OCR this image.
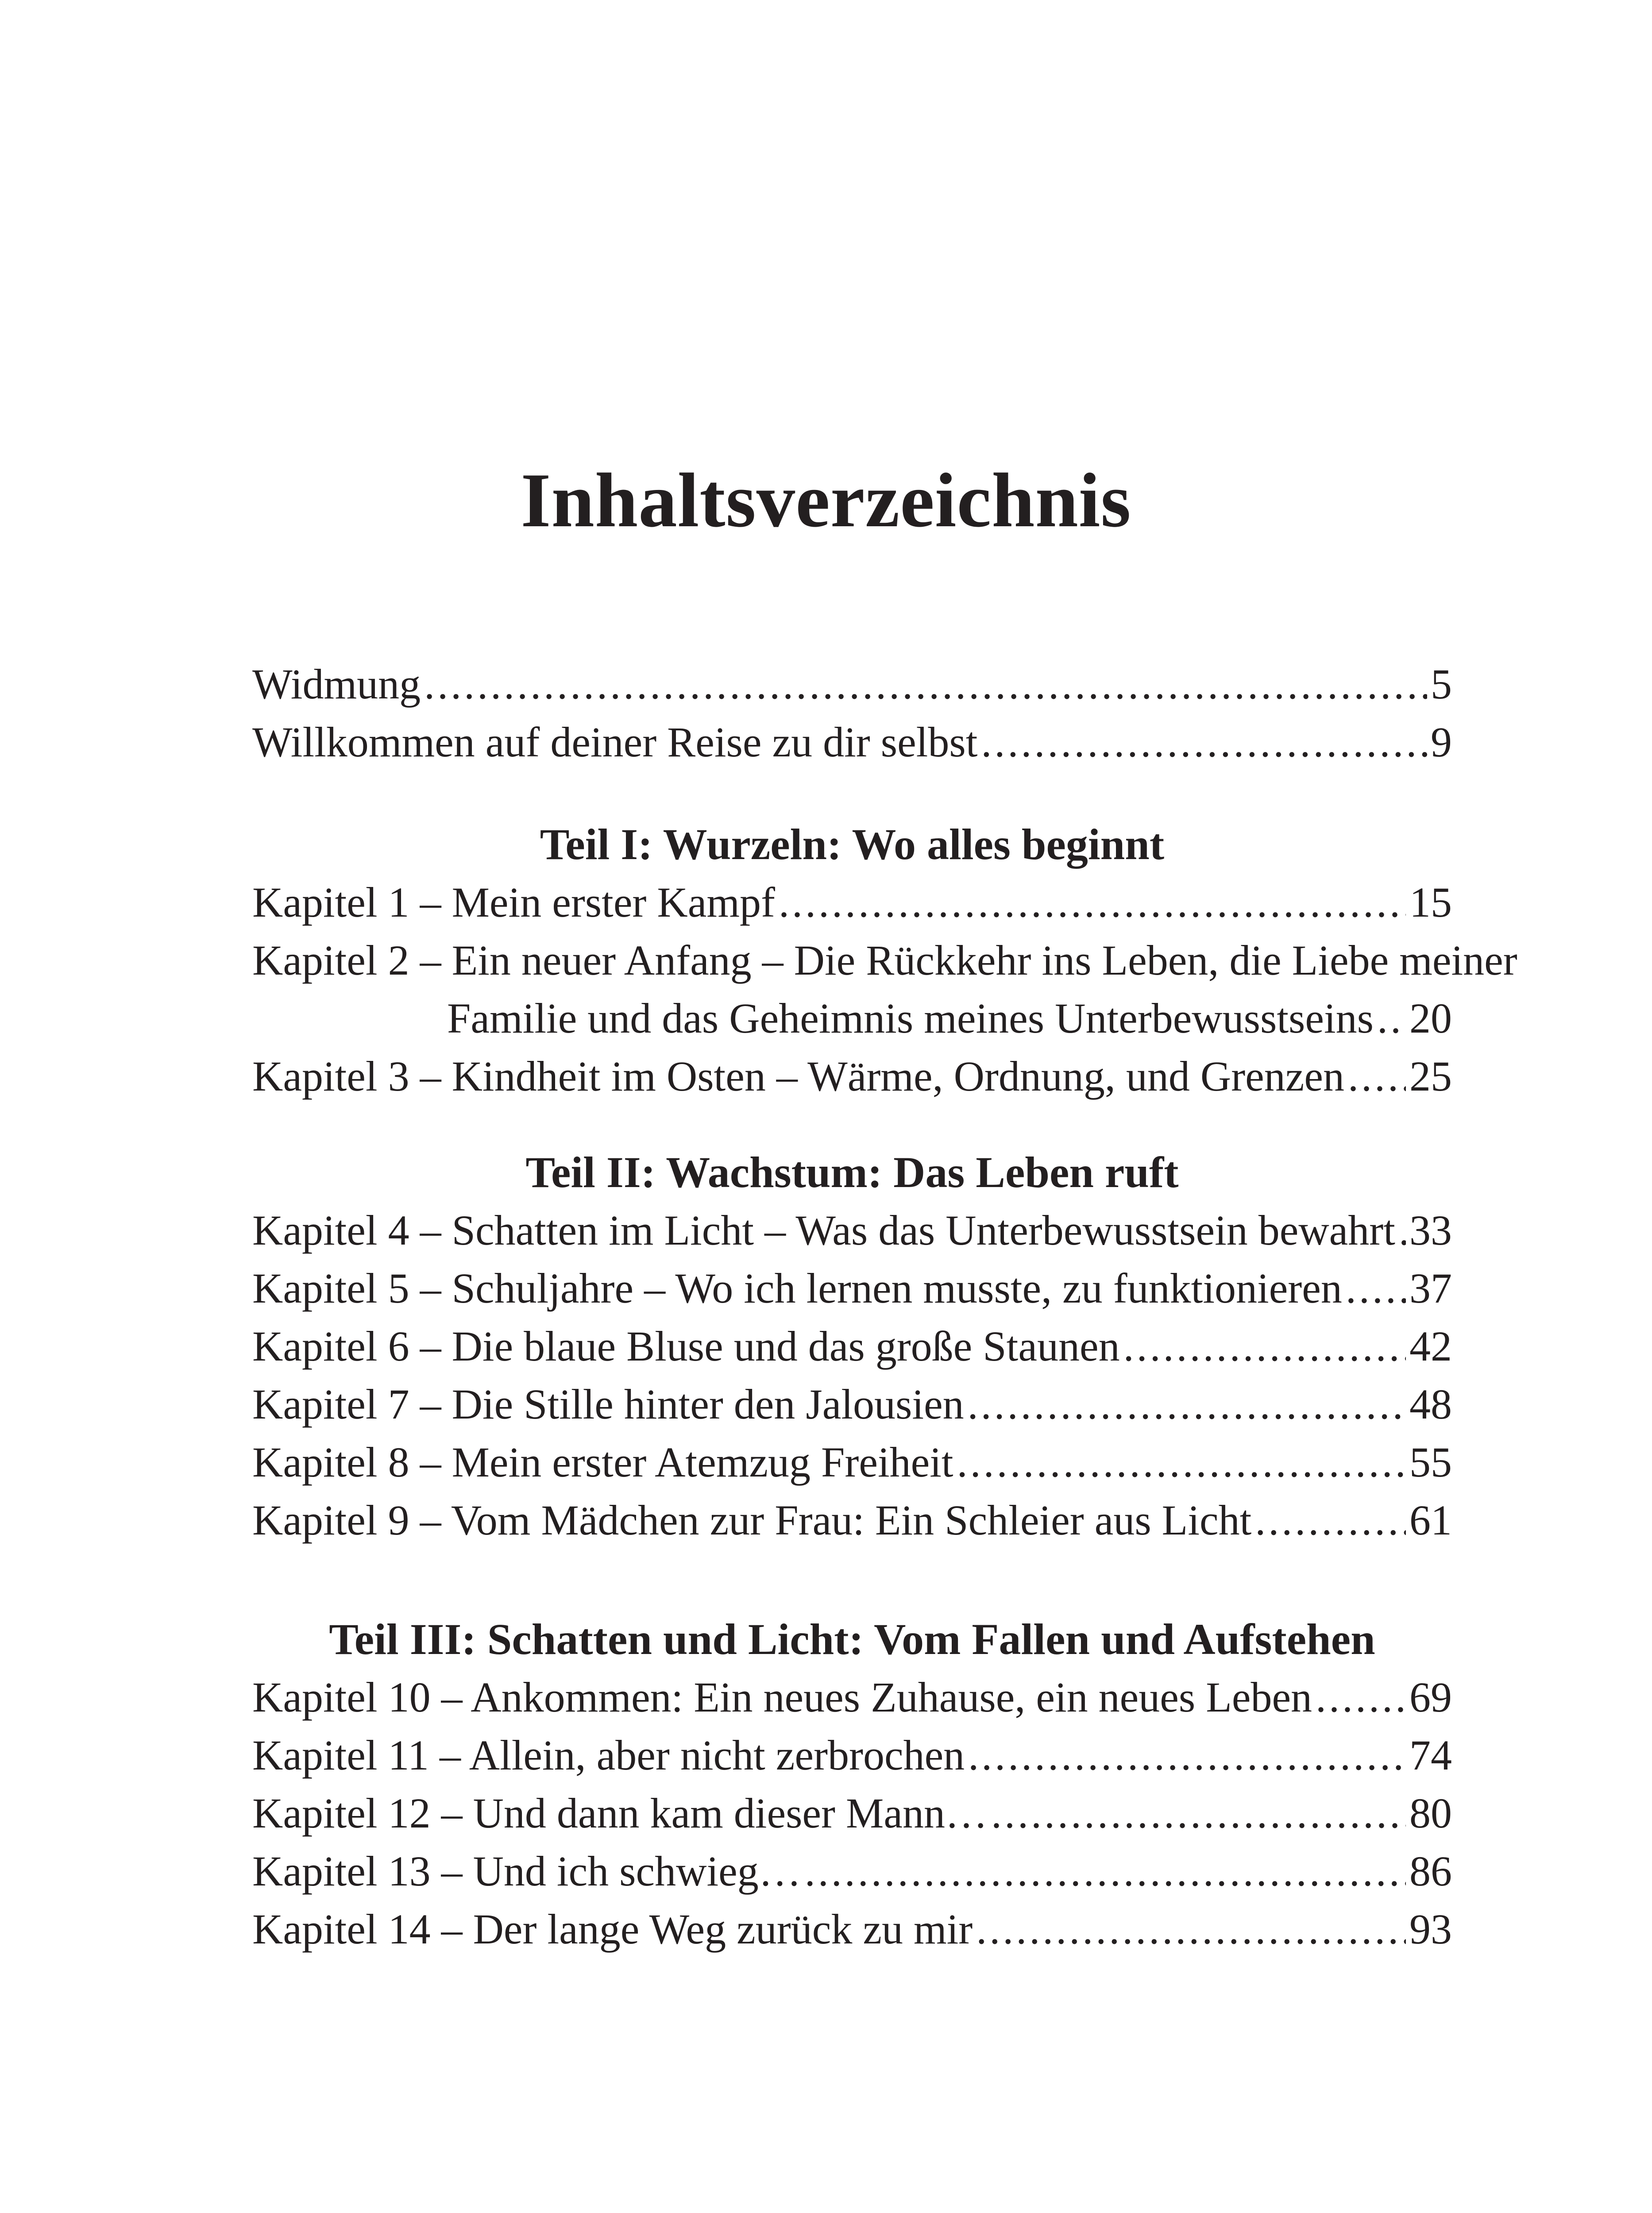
Inhaltsverzeichnis
Widmung .....	5
Willkommen auf deiner Reise zu dir selbst .....	9
Teil I: Wurzeln: Wo alles beginnt
Kapitel 1 – Mein erster Kampf .....	15
Kapitel 2 – Ein neuer Anfang – Die Rückkehr ins Leben, die Liebe meiner
Familie und das Geheimnis meines Unterbewusstseins ..... 20
Kapitel 3 – Kindheit im Osten – Wärme, Ordnung, und Grenzen ..... 25
Teil II: Wachstum: Das Leben ruft
Kapitel 4 – Schatten im Licht – Was das Unterbewusstsein bewahrt ..... 33
Kapitel 5 – Schuljahre – Wo ich lernen musste, zu funktionieren ..... 37
Kapitel 6 – Die blaue Bluse und das große Staunen .....	42
Kapitel 7 – Die Stille hinter den Jalousien .....	48
Kapitel 8 – Mein erster Atemzug Freiheit .....	55
Kapitel 9 – Vom Mädchen zur Frau: Ein Schleier aus Licht .....	61
Teil III: Schatten und Licht: Vom Fallen und Aufstehen
Kapitel 10 – Ankommen: Ein neues Zuhause, ein neues Leben ..... 69
Kapitel 11 – Allein, aber nicht zerbrochen .....	74
Kapitel 12 – Und dann kam dieser Mann… .....	80
Kapitel 13 – Und ich schwieg… .....	86
Kapitel 14 – Der lange Weg zurück zu mir .....	93
